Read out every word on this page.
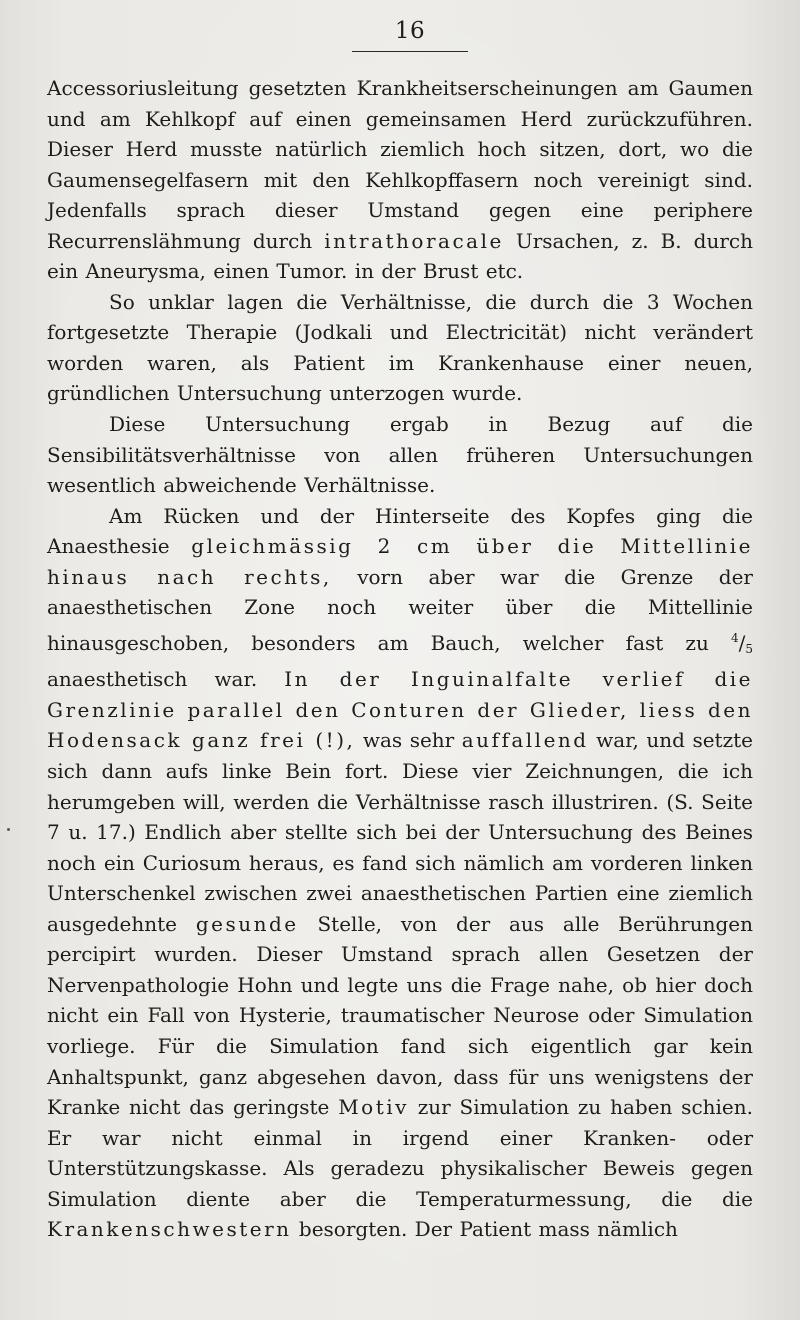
16

Accessoriusleitung gesetzten Krankheitserscheinungen am Gaumen und am Kehlkopf auf einen gemeinsamen Herd zurückzuführen. Dieser Herd musste natürlich ziemlich hoch sitzen, dort, wo die Gaumensegelfasern mit den Kehlkopffasern noch vereinigt sind. Jedenfalls sprach dieser Umstand gegen eine periphere Recurrenslähmung durch intrathoracale Ursachen, z. B. durch ein Aneurysma, einen Tumor. in der Brust etc.

So unklar lagen die Verhältnisse, die durch die 3 Wochen fortgesetzte Therapie (Jodkali und Electricität) nicht verändert worden waren, als Patient im Krankenhause einer neuen, gründlichen Untersuchung unterzogen wurde.

Diese Untersuchung ergab in Bezug auf die Sensibilitätsverhältnisse von allen früheren Untersuchungen wesentlich abweichende Verhältnisse.

Am Rücken und der Hinterseite des Kopfes ging die Anaesthesie gleichmässig 2 cm über die Mittellinie hinaus nach rechts, vorn aber war die Grenze der anaesthetischen Zone noch weiter über die Mittellinie hinausgeschoben, besonders am Bauch, welcher fast zu $^4/_5$ anaesthetisch war. In der Inguinalfalte verlief die Grenzlinie parallel den Conturen der Glieder, liess den Hodensack ganz frei (!), was sehr auffallend war, und setzte sich dann aufs linke Bein fort. Diese vier Zeichnungen, die ich herumgeben will, werden die Verhältnisse rasch illustriren. (S. Seite 7 u. 17.) Endlich aber stellte sich bei der Untersuchung des Beines noch ein Curiosum heraus, es fand sich nämlich am vorderen linken Unterschenkel zwischen zwei anaesthetischen Partien eine ziemlich ausgedehnte gesunde Stelle, von der aus alle Berührungen percipirt wurden. Dieser Umstand sprach allen Gesetzen der Nervenpathologie Hohn und legte uns die Frage nahe, ob hier doch nicht ein Fall von Hysterie, traumatischer Neurose oder Simulation vorliege. Für die Simulation fand sich eigentlich gar kein Anhaltspunkt, ganz abgesehen davon, dass für uns wenigstens der Kranke nicht das geringste Motiv zur Simulation zu haben schien. Er war nicht einmal in irgend einer Kranken- oder Unterstützungskasse. Als geradezu physikalischer Beweis gegen Simulation diente aber die Temperaturmessung, die die Krankenschwestern besorgten. Der Patient mass nämlich
